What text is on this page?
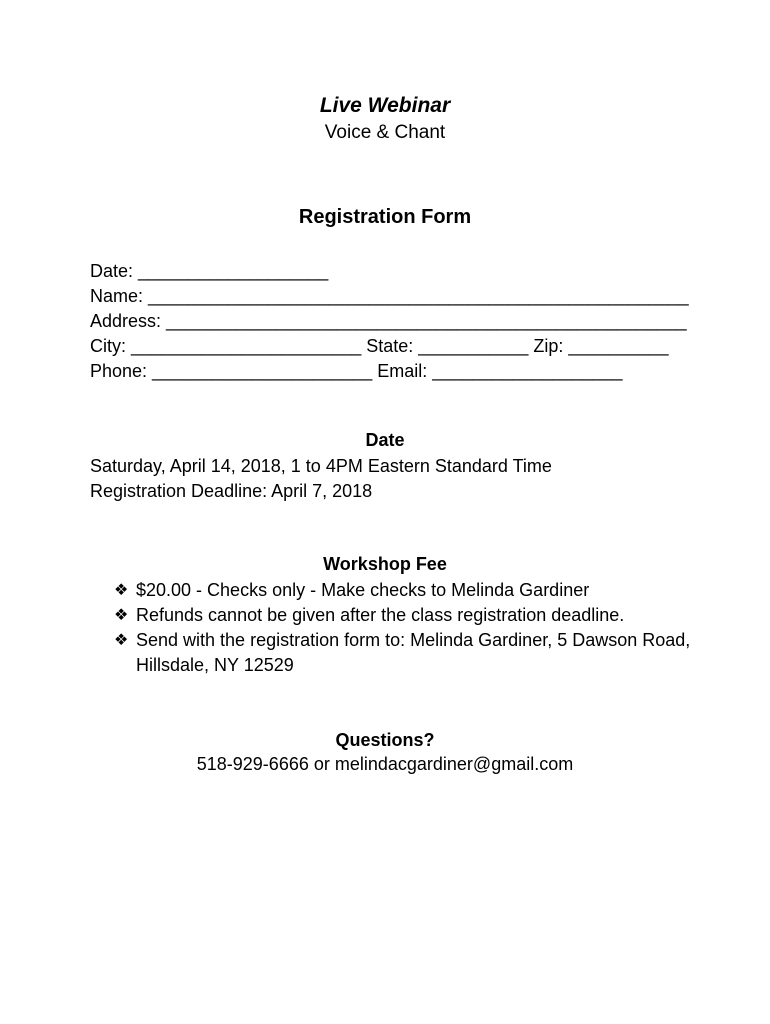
Live Webinar
Voice & Chant
Registration Form
Date: ___________________
Name: ______________________________________________________
Address: ____________________________________________________
City: _______________________ State: ___________ Zip: __________
Phone: ______________________ Email: ___________________
Date
Saturday, April 14, 2018, 1 to 4PM Eastern Standard Time
Registration Deadline: April 7, 2018
Workshop Fee
❖ $20.00 - Checks only - Make checks to Melinda Gardiner
❖ Refunds cannot be given after the class registration deadline.
❖ Send with the registration form to: Melinda Gardiner, 5 Dawson Road, Hillsdale, NY 12529
Questions?
518-929-6666 or melindacgardiner@gmail.com
